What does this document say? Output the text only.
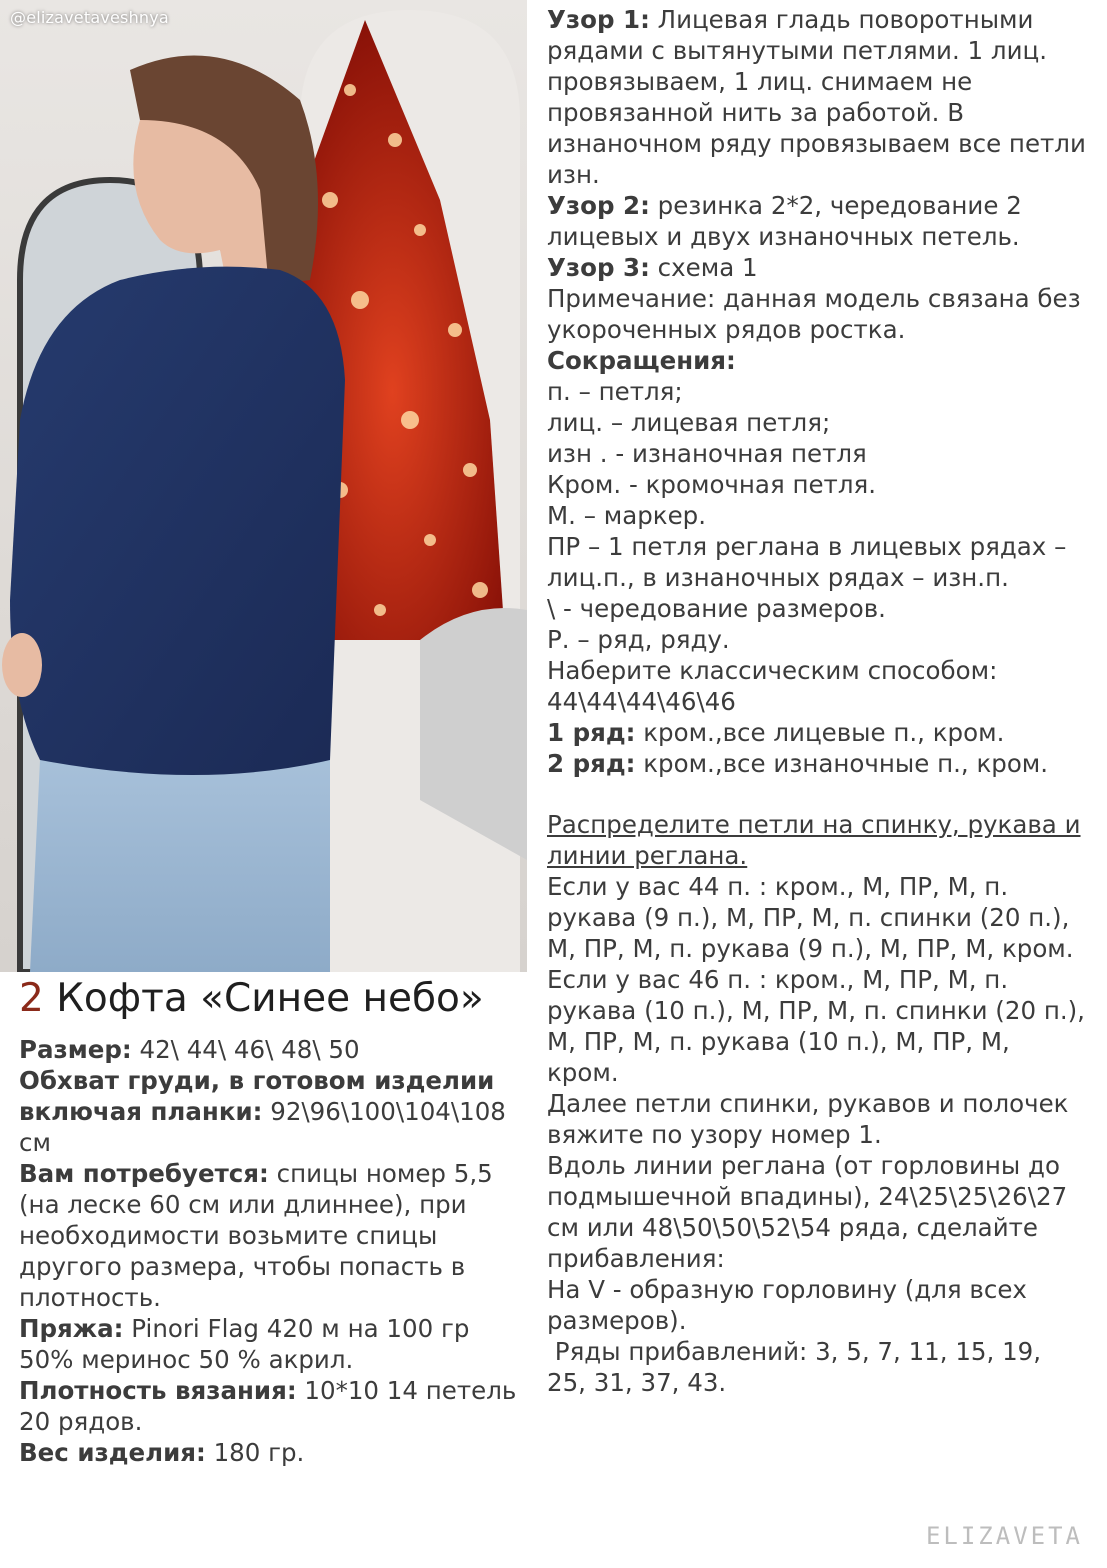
@elizavetaveshnya
2 Кофта «Синее небо»

Размер: 42\ 44\ 46\ 48\ 50

Обхват груди, в готовом изделии включая планки: 92\96\100\104\108 см

Вам потребуется: спицы номер 5,5 (на леске 60 см или длиннее), при необходимости возьмите спицы другого размера, чтобы попасть в плотность.

Пряжа: Pinori Flag 420 м на 100 гр 50% меринос 50 % акрил.

Плотность вязания: 10*10 14 петель 20 рядов.

Вес изделия: 180 гр.

Узор 1: Лицевая гладь поворотными рядами с вытянутыми петлями. 1 лиц. провязываем, 1 лиц. снимаем не провязанной нить за работой. В изнаночном ряду провязываем все петли изн.

Узор 2: резинка 2*2, чередование 2 лицевых и двух изнаночных петель.

Узор 3: схема 1

Примечание: данная модель связана без укороченных рядов ростка.

Сокращения:

п. – петля;

лиц. – лицевая петля;

изн . - изнаночная петля

Кром. - кромочная петля.

М. – маркер.

ПР – 1 петля реглана в лицевых рядах – лиц.п., в изнаночных рядах – изн.п.

\ - чередование размеров.

Р. – ряд, ряду.

Наберите классическим способом: 44\44\44\46\46

1 ряд: кром.,все лицевые п., кром.

2 ряд: кром.,все изнаночные п., кром.

Распределите петли на спинку, рукава и линии реглана.

Если у вас 44 п. : кром., М, ПР, М, п. рукава (9 п.), М, ПР, М, п. спинки (20 п.), М, ПР, М, п. рукава (9 п.), М, ПР, М, кром.

Если у вас 46 п. : кром., М, ПР, М, п. рукава (10 п.), М, ПР, М, п. спинки (20 п.), М, ПР, М, п. рукава (10 п.), М, ПР, М, кром.

Далее петли спинки, рукавов и полочек вяжите по узору номер 1.

Вдоль линии реглана (от горловины до подмышечной впадины), 24\25\25\26\27 см или 48\50\50\52\54 ряда, сделайте прибавления:

На V - образную горловину (для всех размеров).

Ряды прибавлений: 3, 5, 7, 11, 15, 19, 25, 31, 37, 43.

ELIZAVETA
